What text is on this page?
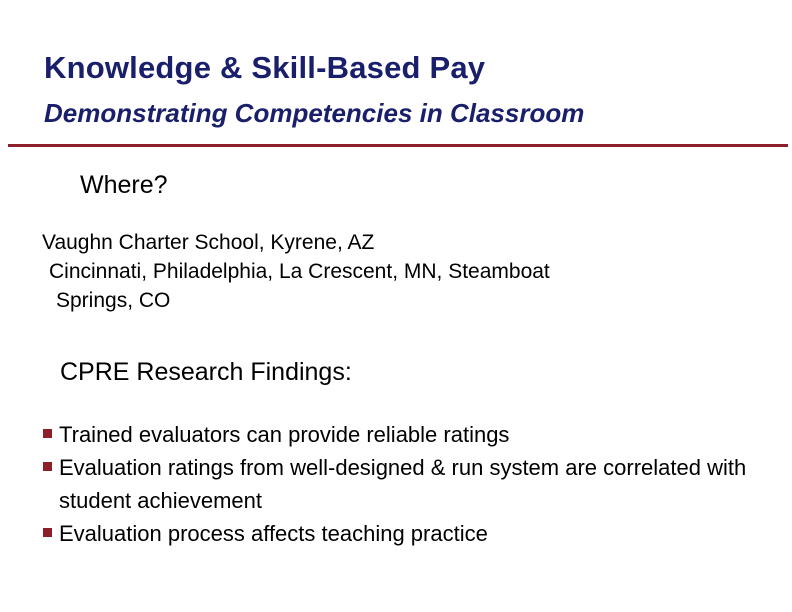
Knowledge & Skill-Based Pay
Demonstrating Competencies in Classroom
Where?
Vaughn Charter School, Kyrene, AZ
Cincinnati, Philadelphia, La Crescent, MN, Steamboat
Springs, CO
CPRE Research Findings:
Trained evaluators can provide reliable ratings
Evaluation ratings from well-designed & run system are correlated with student achievement
Evaluation process affects teaching practice
